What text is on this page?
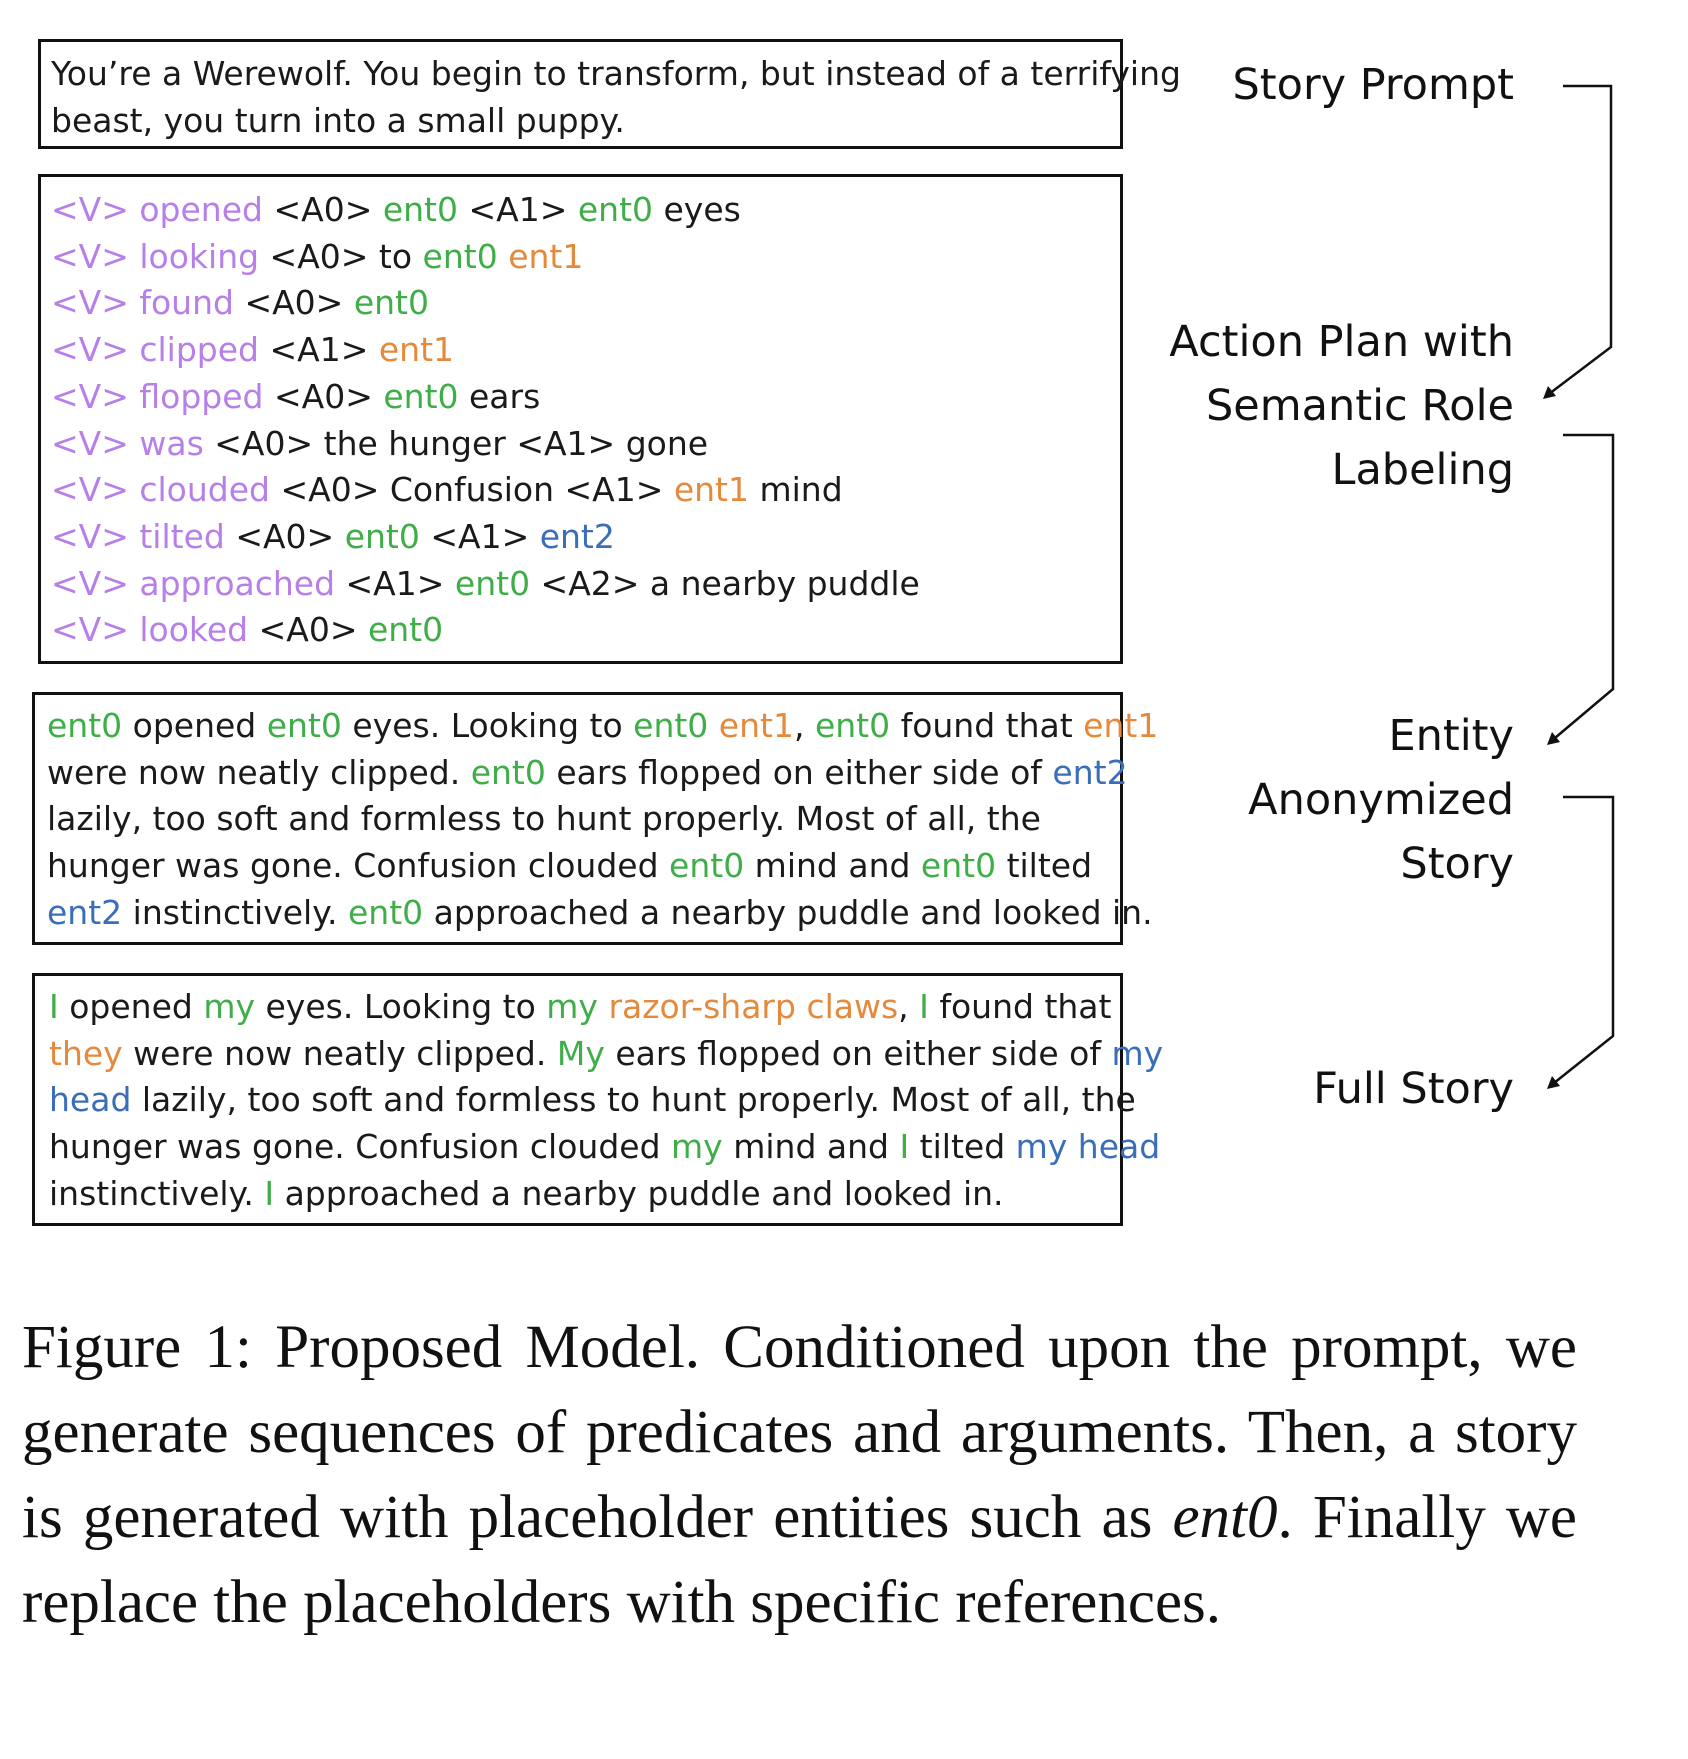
You’re a Werewolf. You begin to transform, but instead of a terrifying
beast, you turn into a small puppy.
<V> opened <A0> ent0 <A1> ent0 eyes
<V> looking <A0> to ent0 ent1
<V> found <A0> ent0
<V> clipped <A1> ent1
<V> flopped <A0> ent0 ears
<V> was <A0> the hunger <A1> gone
<V> clouded <A0> Confusion <A1> ent1 mind
<V> tilted <A0> ent0 <A1> ent2
<V> approached <A1> ent0 <A2> a nearby puddle
<V> looked <A0> ent0
ent0 opened ent0 eyes. Looking to ent0 ent1, ent0 found that ent1
were now neatly clipped. ent0 ears flopped on either side of ent2
lazily, too soft and formless to hunt properly. Most of all, the
hunger was gone. Confusion clouded ent0 mind and ent0 tilted
ent2 instinctively. ent0 approached a nearby puddle and looked in.
I opened my eyes. Looking to my razor-sharp claws, I found that
they were now neatly clipped. My ears flopped on either side of my
head lazily, too soft and formless to hunt properly. Most of all, the
hunger was gone. Confusion clouded my mind and I tilted my head
instinctively. I approached a nearby puddle and looked in.
Story Prompt
Action Plan with
Semantic Role
Labeling
Entity
Anonymized
Story
Full Story

Figure 1: Proposed Model. Conditioned upon the prompt, we generate sequences of predicates and arguments. Then, a story is generated with placeholder entities such as ent0. Finally we replace the placeholders with specific references.
